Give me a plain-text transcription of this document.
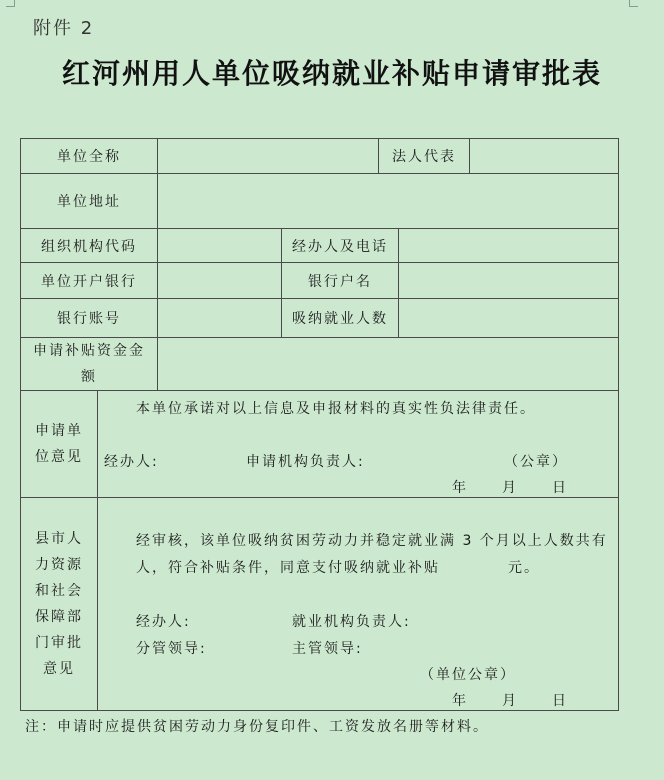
附件 2
红河州用人单位吸纳就业补贴申请审批表
单位全称	法人代表
单位地址
组织机构代码	经办人及电话
单位开户银行	银行户名
银行账号	吸纳就业人数
申请补贴资金金额
申请单位意见
本单位承诺对以上信息及申报材料的真实性负法律责任。
经办人:	申请机构负责人:	（公章）
年 月 日
县市人力资源和社会保障部门审批意见
经审核，该单位吸纳贫困劳动力并稳定就业满 3 个月以上人数共有
人，符合补贴条件，同意支付吸纳就业补贴	元。
经办人:	就业机构负责人:
分管领导:	主管领导:
（单位公章）
年 月 日
注：申请时应提供贫困劳动力身份复印件、工资发放名册等材料。
